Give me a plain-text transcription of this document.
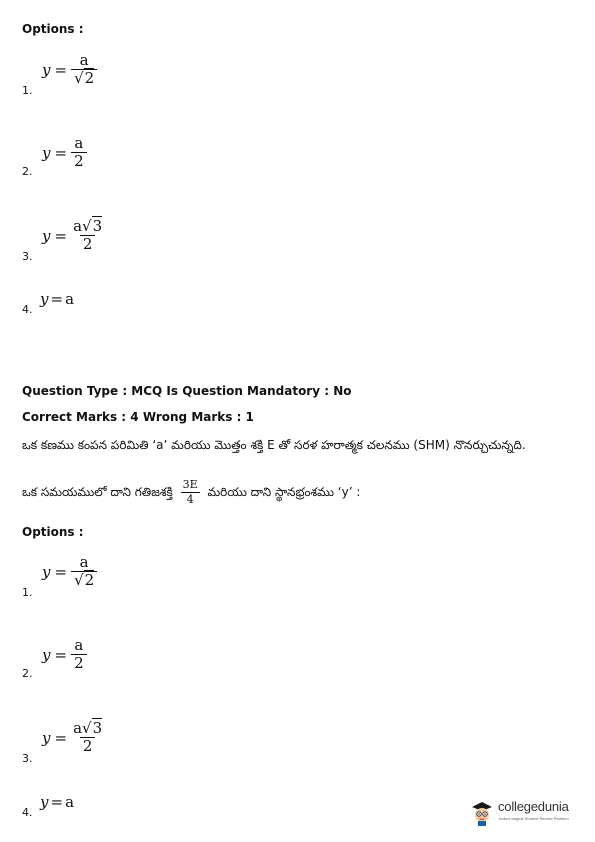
Options :
1.
$y = \frac{a}{√2}$
2.
$y = \frac{a}{2}$
3.
$y = \frac{a√3}{2}$
4.
y = a
Question Type : MCQ Is Question Mandatory : No
Correct Marks : 4 Wrong Marks : 1
ఒక కణము కంపన పరిమితి ‘a’ మరియు మొత్తం శక్తి E తో సరళ హరాత్మక చలనము (SHM) నొనర్చుచున్నది.
ఒక సమయములో దాని గతిజశక్తి $\frac{3E}{4}$ మరియు దాని స్థానభ్రంశము ‘y’ :
Options :
1.
$y = \frac{a}{√2}$
2.
$y = \frac{a}{2}$
3.
$y = \frac{a√3}{2}$
4.
y = a	collegedunia
India's largest Student Review Platform
